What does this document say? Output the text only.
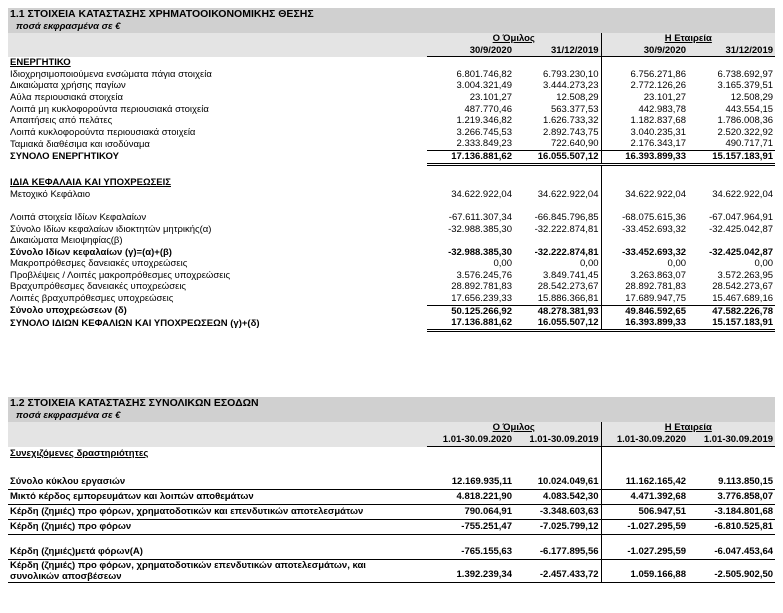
1.1 ΣΤΟΙΧΕΙΑ ΚΑΤΑΣΤΑΣΗΣ ΧΡΗΜΑΤΟΟΙΚΟΝΟΜΙΚΗΣ ΘΕΣΗΣ
ποσά εκφρασμένα σε €
	Ο Όμιλος		Η Εταιρεία	
	30/9/2020	31/12/2019	30/9/2020	31/12/2019
ΕΝΕΡΓΗΤΙΚΟ				
Ιδιοχρησιμοποιούμενα ενσώματα πάγια στοιχεία	6.801.746,82	6.793.230,10	6.756.271,86	6.738.692,97
Δικαιώματα χρήσης παγίων	3.004.321,49	3.444.273,23	2.772.126,26	3.165.379,51
Αύλα περιουσιακά στοιχεία	23.101,27	12.508,29	23.101,27	12.508,29
Λοιπά μη κυκλοφορούντα περιουσιακά στοιχεία	487.770,46	563.377,53	442.983,78	443.554,15
Απαιτήσεις από πελάτες	1.219.346,82	1.626.733,32	1.182.837,68	1.786.008,36
Λοιπά κυκλοφορούντα περιουσιακά στοιχεία	3.266.745,53	2.892.743,75	3.040.235,31	2.520.322,92
Ταμιακά διαθέσιμα και ισοδύναμα	2.333.849,23	722.640,90	2.176.343,17	490.717,71
ΣΥΝΟΛΟ ΕΝΕΡΓΗΤΙΚΟΥ	17.136.881,62	16.055.507,12	16.393.899,33	15.157.183,91

ΙΔΙΑ ΚΕΦΑΛΑΙΑ ΚΑΙ ΥΠΟΧΡΕΩΣΕΙΣ				
Μετοχικό Κεφάλαιο	34.622.922,04	34.622.922,04	34.622.922,04	34.622.922,04

Λοιπά στοιχεία Ιδίων Κεφαλαίων	-67.611.307,34	-66.845.796,85	-68.075.615,36	-67.047.964,91
Σύνολο Ιδίων κεφαλαίων ιδιοκτητών μητρικής(α)	-32.988.385,30	-32.222.874,81	-33.452.693,32	-32.425.042,87
Δικαιώματα Μειοψηφίας(β)				
Σύνολο Ιδίων κεφαλαίων (γ)=(α)+(β)	-32.988.385,30	-32.222.874,81	-33.452.693,32	-32.425.042,87
Μακροπρόθεσμες δανειακές υποχρεώσεις	0,00	0,00	0,00	0,00
Προβλέψεις / Λοιπές μακροπρόθεσμες υποχρεώσεις	3.576.245,76	3.849.741,45	3.263.863,07	3.572.263,95
Βραχυπρόθεσμες δανειακές υποχρεώσεις	28.892.781,83	28.542.273,67	28.892.781,83	28.542.273,67
Λοιπές βραχυπρόθεσμες υποχρεώσεις	17.656.239,33	15.886.366,81	17.689.947,75	15.467.689,16
Σύνολο υποχρεώσεων (δ)	50.125.266,92	48.278.381,93	49.846.592,65	47.582.226,78
ΣΥΝΟΛΟ ΙΔΙΩΝ ΚΕΦΑΛΙΩΝ ΚΑΙ ΥΠΟΧΡΕΩΣΕΩΝ (γ)+(δ)	17.136.881,62	16.055.507,12	16.393.899,33	15.157.183,91
1.2 ΣΤΟΙΧΕΙΑ ΚΑΤΑΣΤΑΣΗΣ ΣΥΝΟΛΙΚΩΝ ΕΣΟΔΩΝ
ποσά εκφρασμένα σε €
	Ο Όμιλος		Η Εταιρεία	
	1.01-30.09.2020	1.01-30.09.2019	1.01-30.09.2020	1.01-30.09.2019
Συνεχιζόμενες δραστηριότητες				

Σύνολο κύκλου εργασιών	12.169.935,11	10.024.049,61	11.162.165,42	9.113.850,15
Μικτό κέρδος εμπορευμάτων και λοιπών αποθεμάτων	4.818.221,90	4.083.542,30	4.471.392,68	3.776.858,07
Κέρδη (ζημιές) προ φόρων, χρηματοδοτικών και επενδυτικών αποτελεσμάτων	790.064,91	-3.348.603,63	506.947,51	-3.184.801,68
Κέρδη (ζημιές) προ φόρων	-755.251,47	-7.025.799,12	-1.027.295,59	-6.810.525,81

Κέρδη (ζημιές)μετά φόρων(Α)	-765.155,63	-6.177.895,56	-1.027.295,59	-6.047.453,64

Κέρδη (ζημιές) προ φόρων, χρηματοδοτικών επενδυτικών αποτελεσμάτων, και
συνολικών αποσβέσεων	1.392.239,34	-2.457.433,72	1.059.166,88	-2.505.902,50
